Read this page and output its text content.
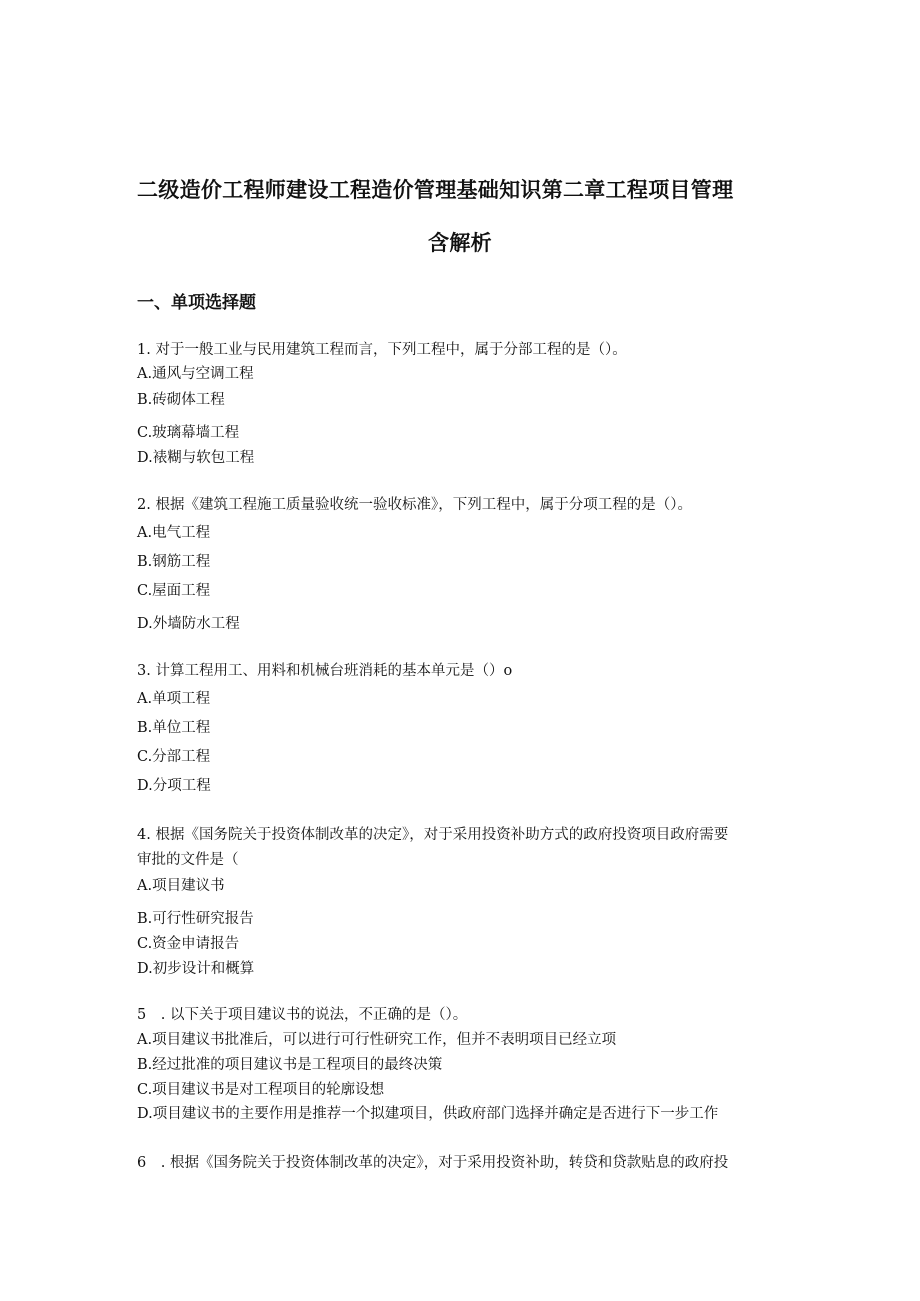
二级造价工程师建设工程造价管理基础知识第二章工程项目管理
含解析
一、单项选择题
1. 对于一般工业与民用建筑工程而言，下列工程中，属于分部工程的是（）。
A.通风与空调工程
B.砖砌体工程
C.玻璃幕墙工程
D.裱糊与软包工程
2. 根据《建筑工程施工质量验收统一验收标准》，下列工程中，属于分项工程的是（）。
A.电气工程
B.钢筋工程
C.屋面工程
D.外墙防水工程
3. 计算工程用工、用料和机械台班消耗的基本单元是（）o
A.单项工程
B.单位工程
C.分部工程
D.分项工程
4. 根据《国务院关于投资体制改革的决定》，对于采用投资补助方式的政府投资项目政府需要
审批的文件是（
A.项目建议书
B.可行性研究报告
C.资金申请报告
D.初步设计和概算
5　. 以下关于项目建议书的说法，不正确的是（）。
A.项目建议书批准后，可以进行可行性研究工作，但并不表明项目已经立项
B.经过批准的项目建议书是工程项目的最终决策
C.项目建议书是对工程项目的轮廓设想
D.项目建议书的主要作用是推荐一个拟建项目，供政府部门选择并确定是否进行下一步工作
6　. 根据《国务院关于投资体制改革的决定》，对于采用投资补助，转贷和贷款贴息的政府投
